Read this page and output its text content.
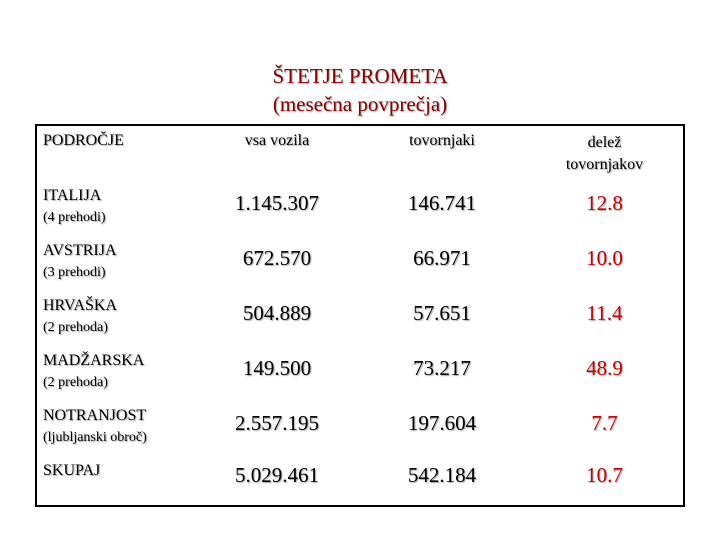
ŠTETJE PROMETA
(mesečna povprečja)
PODROČJE	vsa vozila	tovornjaki	delež
tovornjakov
ITALIJA
(4 prehodi)
1.145.307	146.741	12.8
AVSTRIJA
(3 prehodi)
672.570	66.971	10.0
HRVAŠKA
(2 prehoda)
504.889	57.651	11.4
MADŽARSKA
(2 prehoda)
149.500	73.217	48.9
NOTRANJOST
(ljubljanski obroč)
2.557.195	197.604	7.7
SKUPAJ	5.029.461	542.184	10.7
